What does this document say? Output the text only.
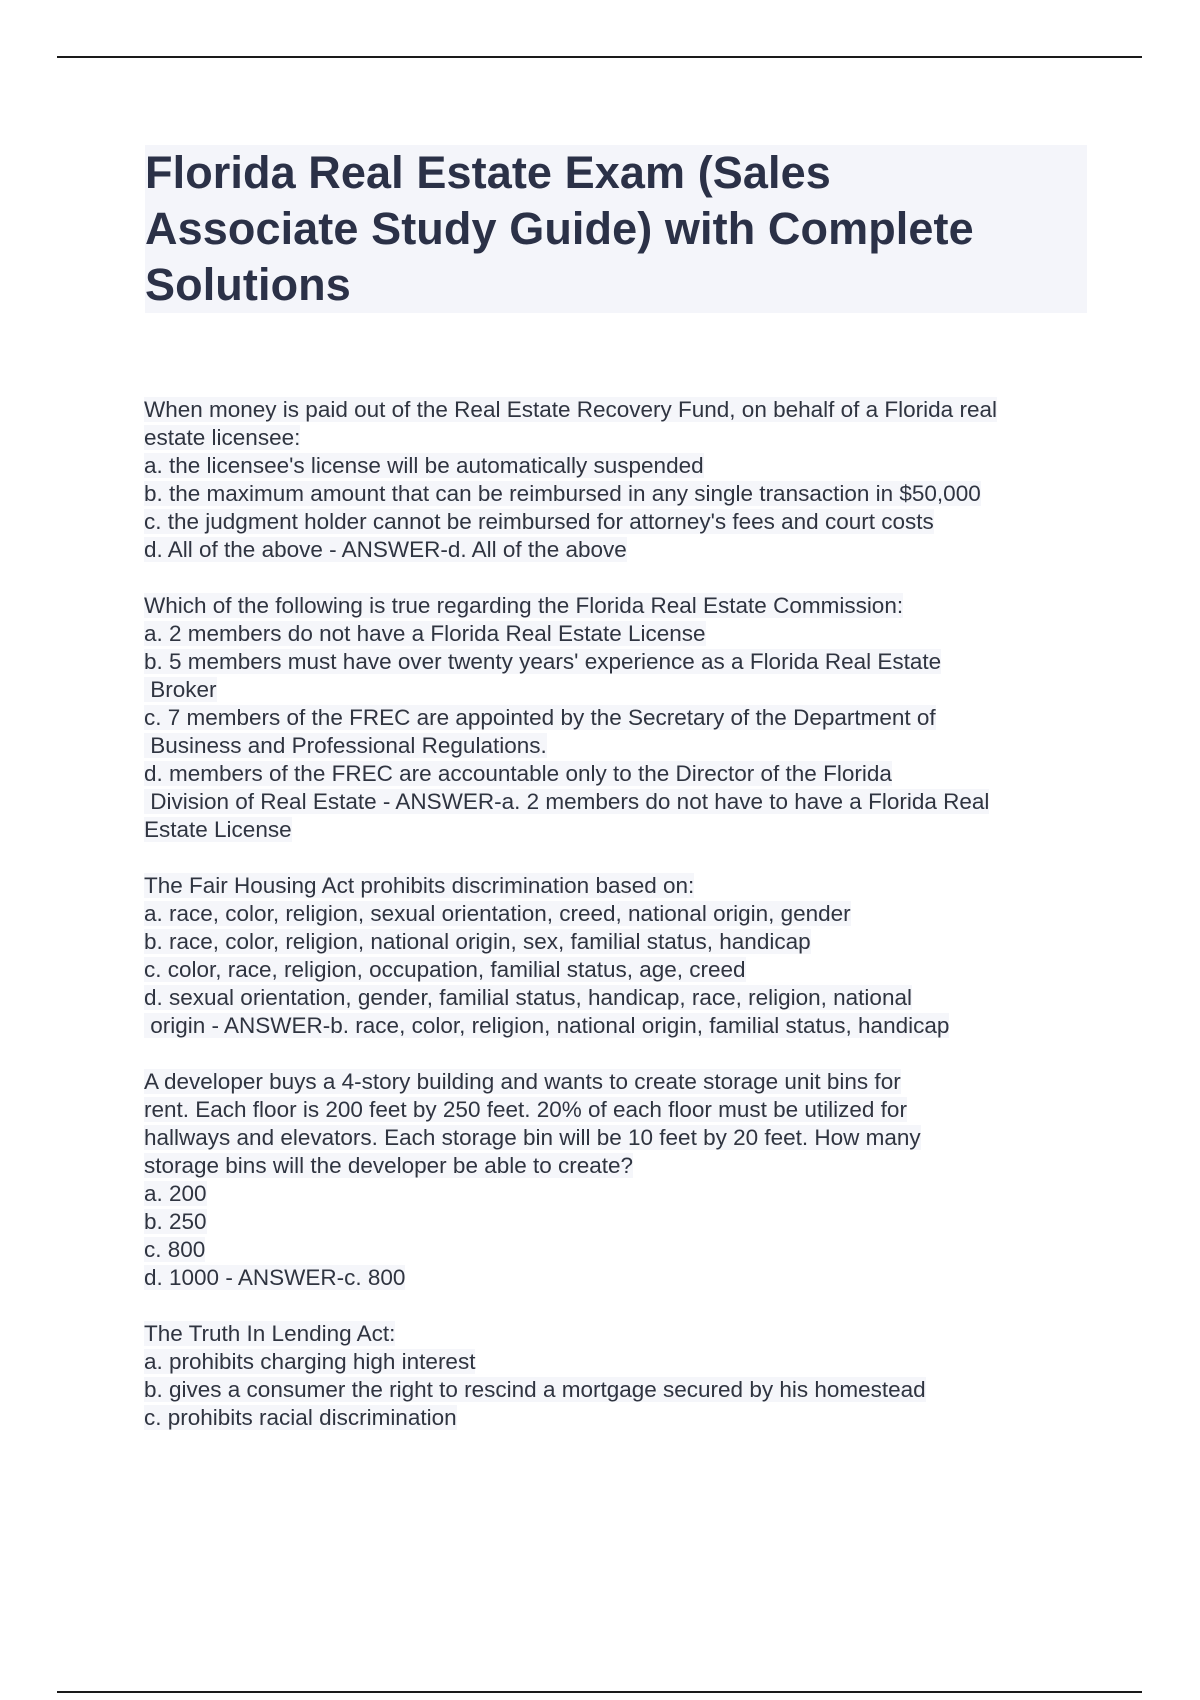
Florida Real Estate Exam (Sales
Associate Study Guide) with Complete
Solutions
When money is paid out of the Real Estate Recovery Fund, on behalf of a Florida real
estate licensee:
a. the licensee's license will be automatically suspended
b. the maximum amount that can be reimbursed in any single transaction in $50,000
c. the judgment holder cannot be reimbursed for attorney's fees and court costs
d. All of the above - ANSWER-d. All of the above
Which of the following is true regarding the Florida Real Estate Commission:
a. 2 members do not have a Florida Real Estate License
b. 5 members must have over twenty years' experience as a Florida Real Estate
Broker
c. 7 members of the FREC are appointed by the Secretary of the Department of
Business and Professional Regulations.
d. members of the FREC are accountable only to the Director of the Florida
Division of Real Estate - ANSWER-a. 2 members do not have to have a Florida Real
Estate License
The Fair Housing Act prohibits discrimination based on:
a. race, color, religion, sexual orientation, creed, national origin, gender
b. race, color, religion, national origin, sex, familial status, handicap
c. color, race, religion, occupation, familial status, age, creed
d. sexual orientation, gender, familial status, handicap, race, religion, national
origin - ANSWER-b. race, color, religion, national origin, familial status, handicap
A developer buys a 4-story building and wants to create storage unit bins for
rent. Each floor is 200 feet by 250 feet. 20% of each floor must be utilized for
hallways and elevators. Each storage bin will be 10 feet by 20 feet. How many
storage bins will the developer be able to create?
a. 200
b. 250
c. 800
d. 1000 - ANSWER-c. 800
The Truth In Lending Act:
a. prohibits charging high interest
b. gives a consumer the right to rescind a mortgage secured by his homestead
c. prohibits racial discrimination
